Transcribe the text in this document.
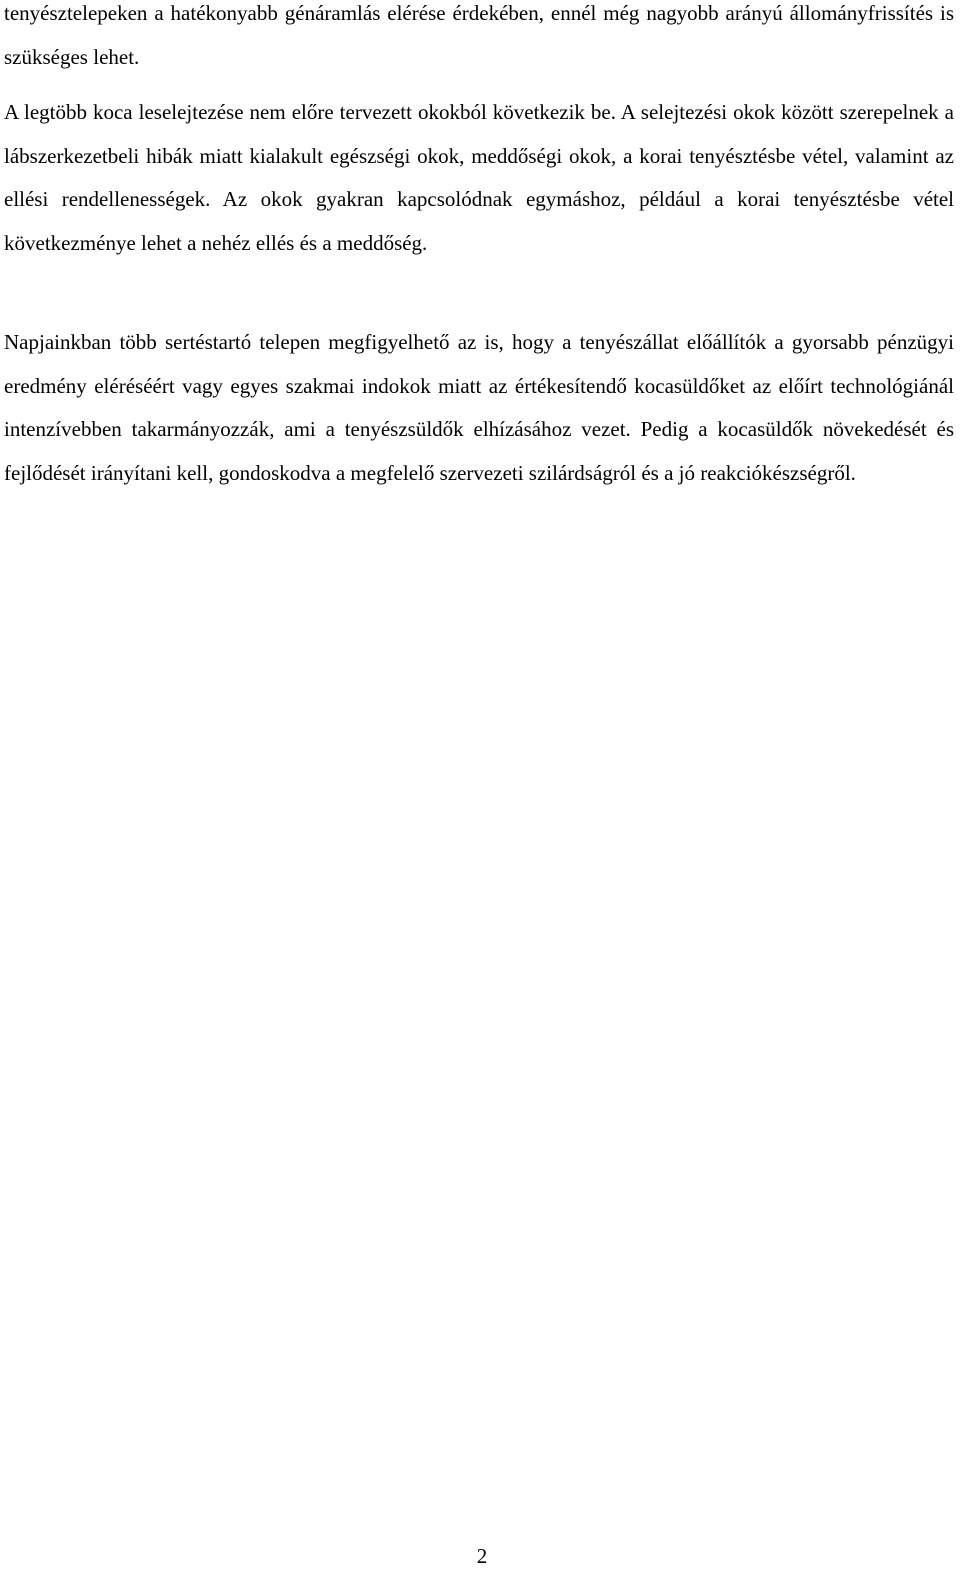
tenyésztelepeken a hatékonyabb génáramlás elérése érdekében, ennél még nagyobb arányú állományfrissítés is szükséges lehet.

A legtöbb koca leselejtezése nem előre tervezett okokból következik be. A selejtezési okok között szerepelnek a lábszerkezetbeli hibák miatt kialakult egészségi okok, meddőségi okok, a korai tenyésztésbe vétel, valamint az ellési rendellenességek. Az okok gyakran kapcsolódnak egymáshoz, például a korai tenyésztésbe vétel következménye lehet a nehéz ellés és a meddőség.

Napjainkban több sertéstartó telepen megfigyelhető az is, hogy a tenyészállat előállítók a gyorsabb pénzügyi eredmény eléréséért vagy egyes szakmai indokok miatt az értékesítendő kocasüldőket az előírt technológiánál intenzívebben takarmányozzák, ami a tenyészsüldők elhízásához vezet. Pedig a kocasüldők növekedését és fejlődését irányítani kell, gondoskodva a megfelelő szervezeti szilárdságról és a jó reakciókészségről.

2
